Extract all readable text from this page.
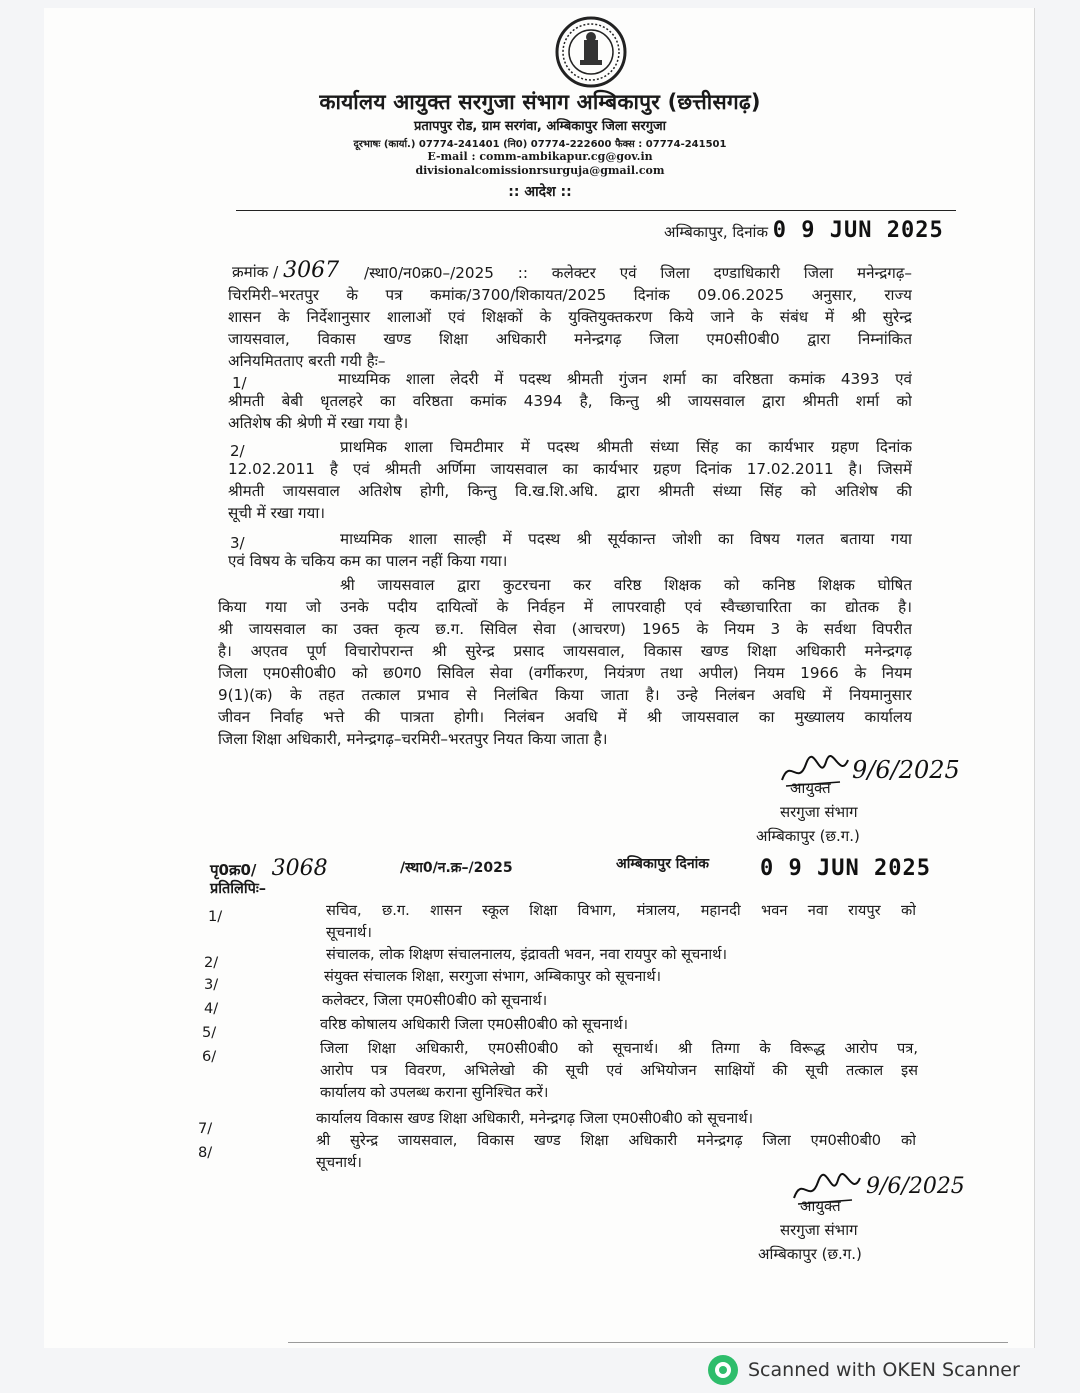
कार्यालय आयुक्त सरगुजा संभाग अम्बिकापुर (छत्तीसगढ़)
प्रतापपुर रोड, ग्राम सरगंवा, अम्बिकापुर जिला सरगुजा
दूरभाषः (कार्या.) 07774-241401 (नि0) 07774-222600 फैक्स : 07774-241501
E-mail : comm-ambikapur.cg@gov.in
divisionalcomissionrsurguja@gmail.com
:: आदेश ::
अम्बिकापुर, दिनांक 0 9 JUN 2025
क्रमांक / 3067 /स्था0/न0क्र0–/2025 :: कलेक्टर एवं जिला दण्डाधिकारी जिला मनेन्द्रगढ़–
चिरमिरी–भरतपुर के पत्र कमांक/3700/शिकायत/2025 दिनांक 09.06.2025 अनुसार, राज्य
शासन के निर्देशानुसार शालाओं एवं शिक्षकों के युक्तियुक्तकरण किये जाने के संबंध में श्री सुरेन्द्र
जायसवाल, विकास खण्ड शिक्षा अधिकारी मनेन्द्रगढ़ जिला एम0सी0बी0 द्वारा निम्नांकित
अनियमितताए बरती गयी हैः–
1/	माध्यमिक शाला लेदरी में पदस्थ श्रीमती गुंजन शर्मा का वरिष्ठता कमांक 4393 एवं
श्रीमती बेबी धृतलहरे का वरिष्ठता कमांक 4394 है, किन्तु श्री जायसवाल द्वारा श्रीमती शर्मा को
अतिशेष की श्रेणी में रखा गया है।
2/	प्राथमिक शाला चिमटीमार में पदस्थ श्रीमती संध्या सिंह का कार्यभार ग्रहण दिनांक
12.02.2011 है एवं श्रीमती अर्णिमा जायसवाल का कार्यभार ग्रहण दिनांक 17.02.2011 है। जिसमें
श्रीमती जायसवाल अतिशेष होगी, किन्तु वि.ख.शि.अधि. द्वारा श्रीमती संध्या सिंह को अतिशेष की
सूची में रखा गया।
3/	माध्यमिक शाला साल्ही में पदस्थ श्री सूर्यकान्त जोशी का विषय गलत बताया गया
एवं विषय के चकिय कम का पालन नहीं किया गया।
श्री जायसवाल द्वारा कुटरचना कर वरिष्ठ शिक्षक को कनिष्ठ शिक्षक घोषित
किया गया जो उनके पदीय दायित्वों के निर्वहन में लापरवाही एवं स्वैच्छाचारिता का द्योतक है।
श्री जायसवाल का उक्त कृत्य छ.ग. सिविल सेवा (आचरण) 1965 के नियम 3 के सर्वथा विपरीत
है। अएतव पूर्ण विचारोपरान्त श्री सुरेन्द्र प्रसाद जायसवाल, विकास खण्ड शिक्षा अधिकारी मनेन्द्रगढ़
जिला एम0सी0बी0 को छ0ग0 सिविल सेवा (वर्गीकरण, नियंत्रण तथा अपील) नियम 1966 के नियम
9(1)(क) के तहत तत्काल प्रभाव से निलंबित किया जाता है। उन्हे निलंबन अवधि में नियमानुसार
जीवन निर्वाह भत्ते की पात्रता होगी। निलंबन अवधि में श्री जायसवाल का मुख्यालय कार्यालय
जिला शिक्षा अधिकारी, मनेन्द्रगढ़–चरमिरी–भरतपुर नियत किया जाता है।
9/6/2025
आयुक्त
सरगुजा संभाग
अम्बिकापुर (छ.ग.)
पृ0क्र0/ 3068	/स्था0/न.क्र–/2025	अम्बिकापुर दिनांक 0 9 JUN 2025
प्रतिलिपिः–
1/	सचिव, छ.ग. शासन स्कूल शिक्षा विभाग, मंत्रालय, महानदी भवन नवा रायपुर को
सूचनार्थ।
2/	संचालक, लोक शिक्षण संचालनालय, इंद्रावती भवन, नवा रायपुर को सूचनार्थ।
3/	संयुक्त संचालक शिक्षा, सरगुजा संभाग, अम्बिकापुर को सूचनार्थ।
4/	कलेक्टर, जिला एम0सी0बी0 को सूचनार्थ।
5/	वरिष्ठ कोषालय अधिकारी जिला एम0सी0बी0 को सूचनार्थ।
6/	जिला शिक्षा अधिकारी, एम0सी0बी0 को सूचनार्थ। श्री तिग्गा के विरूद्ध आरोप पत्र,
आरोप पत्र विवरण, अभिलेखो की सूची एवं अभियोजन साक्षियों की सूची तत्काल इस
कार्यालय को उपलब्ध कराना सुनिश्चित करें।
7/
कार्यालय विकास खण्ड शिक्षा अधिकारी, मनेन्द्रगढ़ जिला एम0सी0बी0 को सूचनार्थ।
8/
श्री सुरेन्द्र जायसवाल, विकास खण्ड शिक्षा अधिकारी मनेन्द्रगढ़ जिला एम0सी0बी0 को
सूचनार्थ।
9/6/2025
आयुक्त
सरगुजा संभाग
अम्बिकापुर (छ.ग.)
Scanned with OKEN Scanner
